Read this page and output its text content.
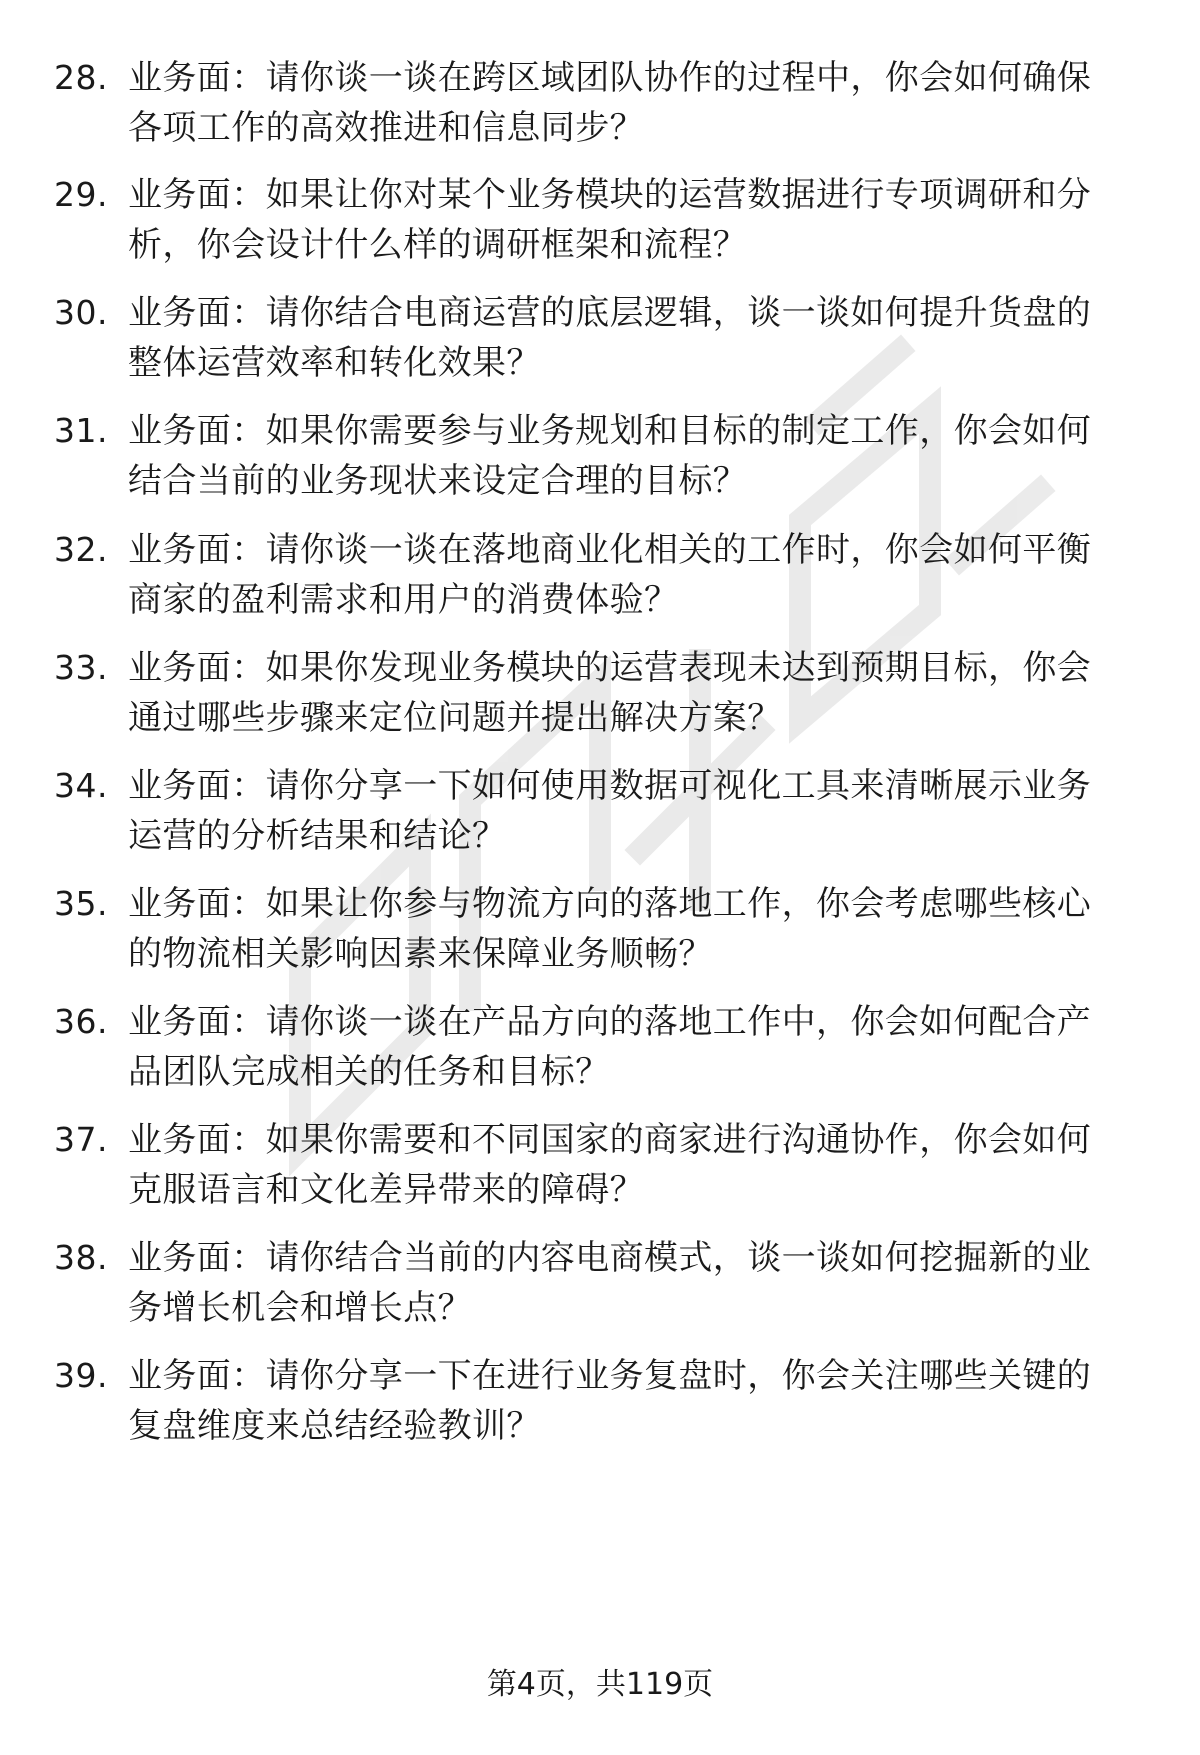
28. 业务面：请你谈一谈在跨区域团队协作的过程中，你会如何确保
各项工作的高效推进和信息同步？
29. 业务面：如果让你对某个业务模块的运营数据进行专项调研和分
析，你会设计什么样的调研框架和流程？
30. 业务面：请你结合电商运营的底层逻辑，谈一谈如何提升货盘的
整体运营效率和转化效果？
31. 业务面：如果你需要参与业务规划和目标的制定工作，你会如何
结合当前的业务现状来设定合理的目标？
32. 业务面：请你谈一谈在落地商业化相关的工作时，你会如何平衡
商家的盈利需求和用户的消费体验？
33. 业务面：如果你发现业务模块的运营表现未达到预期目标，你会
通过哪些步骤来定位问题并提出解决方案？
34. 业务面：请你分享一下如何使用数据可视化工具来清晰展示业务
运营的分析结果和结论？
35. 业务面：如果让你参与物流方向的落地工作，你会考虑哪些核心
的物流相关影响因素来保障业务顺畅？
36. 业务面：请你谈一谈在产品方向的落地工作中，你会如何配合产
品团队完成相关的任务和目标？
37. 业务面：如果你需要和不同国家的商家进行沟通协作，你会如何
克服语言和文化差异带来的障碍？
38. 业务面：请你结合当前的内容电商模式，谈一谈如何挖掘新的业
务增长机会和增长点？
39. 业务面：请你分享一下在进行业务复盘时，你会关注哪些关键的
复盘维度来总结经验教训？
第4页，共119页
